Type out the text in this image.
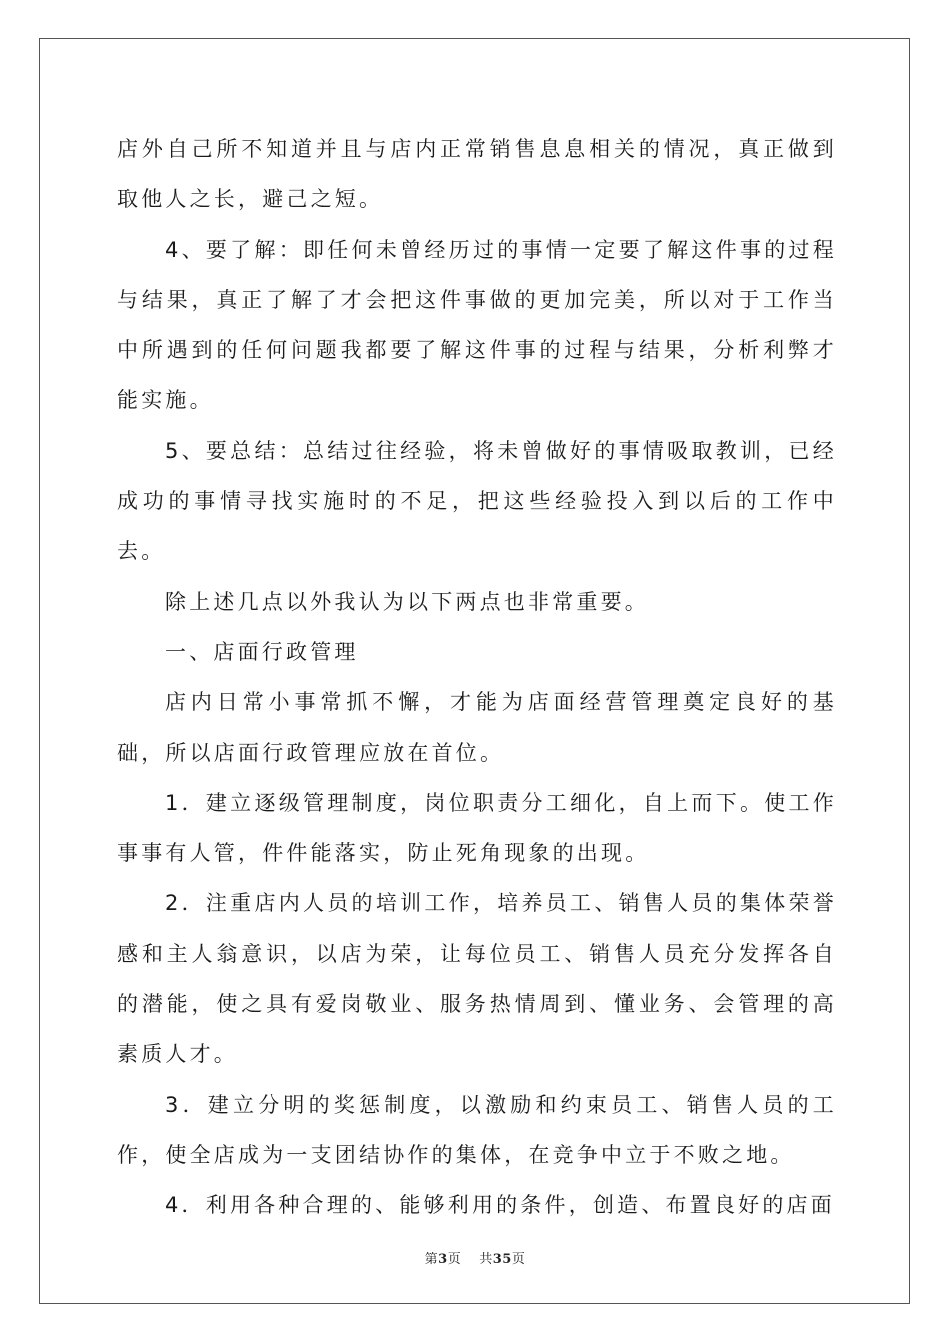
店外自己所不知道并且与店内正常销售息息相关的情况，真正做到取他人之长，避己之短。

4、要了解：即任何未曾经历过的事情一定要了解这件事的过程与结果，真正了解了才会把这件事做的更加完美，所以对于工作当中所遇到的任何问题我都要了解这件事的过程与结果，分析利弊才能实施。

5、要总结：总结过往经验，将未曾做好的事情吸取教训，已经成功的事情寻找实施时的不足，把这些经验投入到以后的工作中去。

除上述几点以外我认为以下两点也非常重要。

一、店面行政管理

店内日常小事常抓不懈，才能为店面经营管理奠定良好的基础，所以店面行政管理应放在首位。

1．建立逐级管理制度，岗位职责分工细化，自上而下。使工作事事有人管，件件能落实，防止死角现象的出现。

2．注重店内人员的培训工作，培养员工、销售人员的集体荣誉感和主人翁意识，以店为荣，让每位员工、销售人员充分发挥各自的潜能，使之具有爱岗敬业、服务热情周到、懂业务、会管理的高素质人才。

3．建立分明的奖惩制度，以激励和约束员工、销售人员的工作，使全店成为一支团结协作的集体，在竞争中立于不败之地。

4．利用各种合理的、能够利用的条件，创造、布置良好的店面

第3页 共35页
